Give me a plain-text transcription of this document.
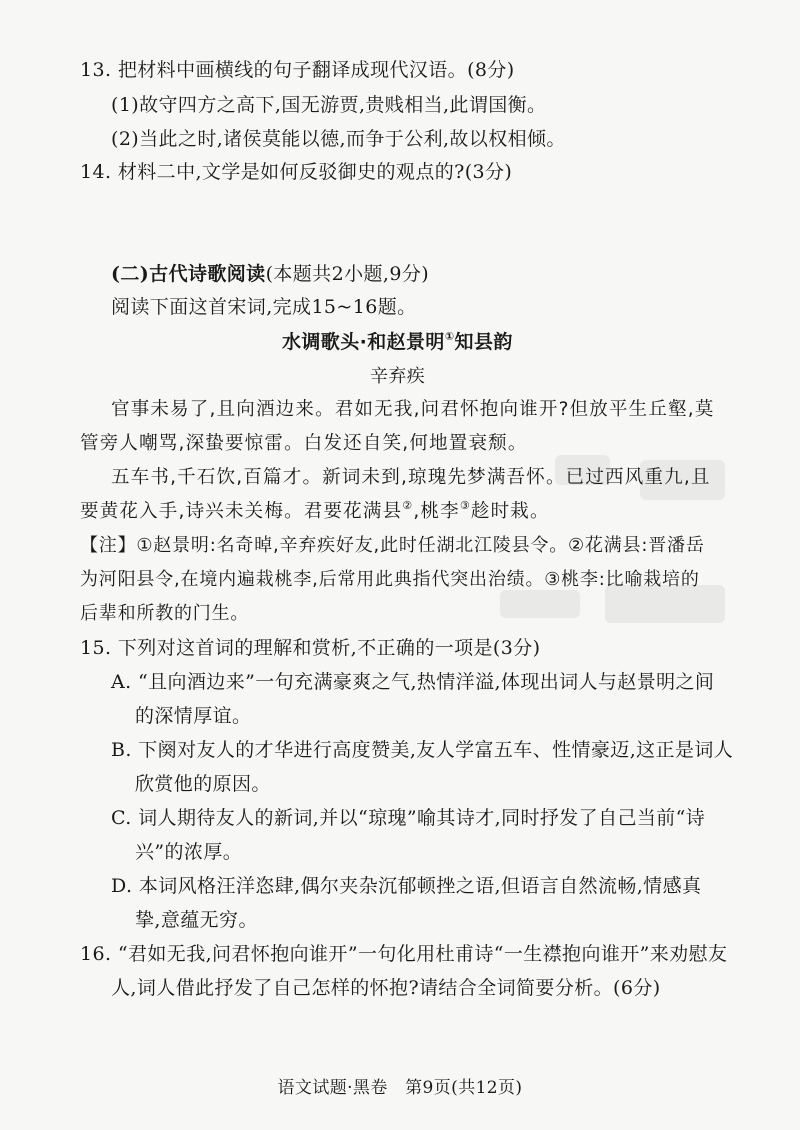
13. 把材料中画横线的句子翻译成现代汉语。(8分)
(1)故守四方之高下,国无游贾,贵贱相当,此谓国衡。
(2)当此之时,诸侯莫能以德,而争于公利,故以权相倾。
14. 材料二中,文学是如何反驳御史的观点的?(3分)
(二)古代诗歌阅读(本题共2小题,9分)
阅读下面这首宋词,完成15~16题。
水调歌头·和赵景明①知县韵
辛弃疾
官事未易了,且向酒边来。君如无我,问君怀抱向谁开?但放平生丘壑,莫
管旁人嘲骂,深蛰要惊雷。白发还自笑,何地置衰颓。
五车书,千石饮,百篇才。新词未到,琼瑰先梦满吾怀。已过西风重九,且
要黄花入手,诗兴未关梅。君要花满县②,桃李③趁时栽。
【注】①赵景明:名奇晫,辛弃疾好友,此时任湖北江陵县令。②花满县:晋潘岳
为河阳县令,在境内遍栽桃李,后常用此典指代突出治绩。③桃李:比喻栽培的
后辈和所教的门生。
15. 下列对这首词的理解和赏析,不正确的一项是(3分)
A. “且向酒边来”一句充满豪爽之气,热情洋溢,体现出词人与赵景明之间
的深情厚谊。
B. 下阕对友人的才华进行高度赞美,友人学富五车、性情豪迈,这正是词人
欣赏他的原因。
C. 词人期待友人的新词,并以“琼瑰”喻其诗才,同时抒发了自己当前“诗
兴”的浓厚。
D. 本词风格汪洋恣肆,偶尔夹杂沉郁顿挫之语,但语言自然流畅,情感真
挚,意蕴无穷。
16. “君如无我,问君怀抱向谁开”一句化用杜甫诗“一生襟抱向谁开”来劝慰友
人,词人借此抒发了自己怎样的怀抱?请结合全词简要分析。(6分)
语文试题·黑卷   第9页(共12页)
